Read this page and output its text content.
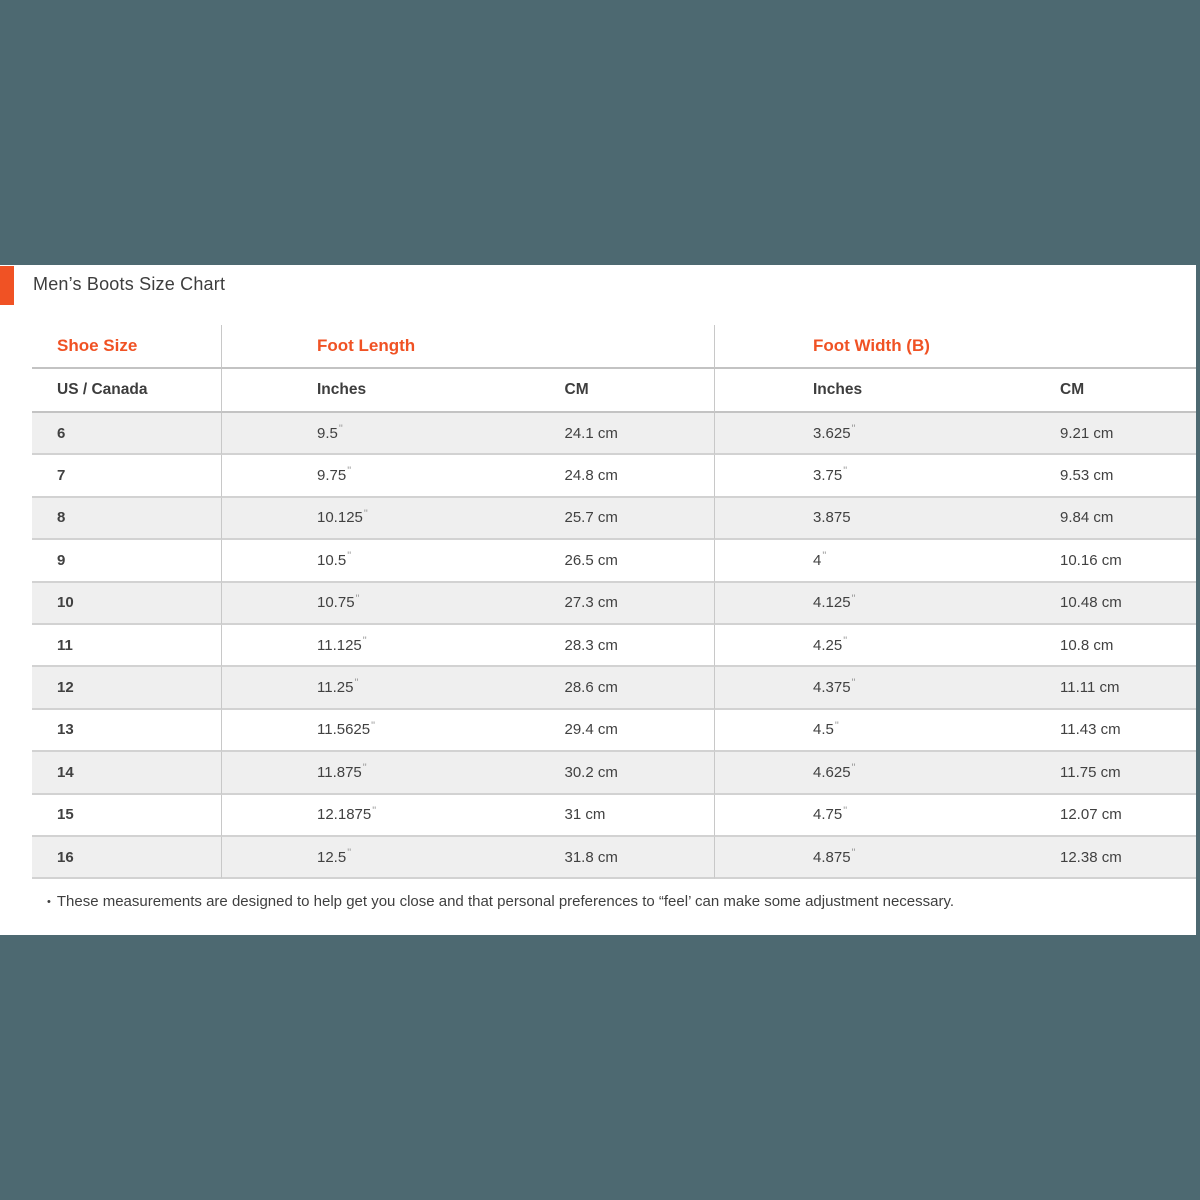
Shoe Size	Foot Length	Foot Width (B)
US / Canada	Inches	CM	Inches	CM
6	9.5 "	24.1 cm	3.625 "	9.21 cm
7	9.75 "	24.8 cm	3.75 "	9.53 cm
8	10.125 "	25.7 cm	3.875	9.84 cm
9	10.5 "	26.5 cm	4 "	10.16 cm
10	10.75 "	27.3 cm	4.125 "	10.48 cm
11	11.125 "	28.3 cm	4.25 "	10.8 cm
12	11.25 "	28.6 cm	4.375 "	11.11 cm
13	11.5625 "	29.4 cm	4.5 "	11.43 cm
14	11.875 "	30.2 cm	4.625 "	11.75 cm
15	12.1875 "	31 cm	4.75 "	12.07 cm
16	12.5 "	31.8 cm	4.875 "	12.38 cm

• These measurements are designed to help get you close and that personal preferences to “feel’ can make some adjustment necessary.

Men’s Boots Size Chart
